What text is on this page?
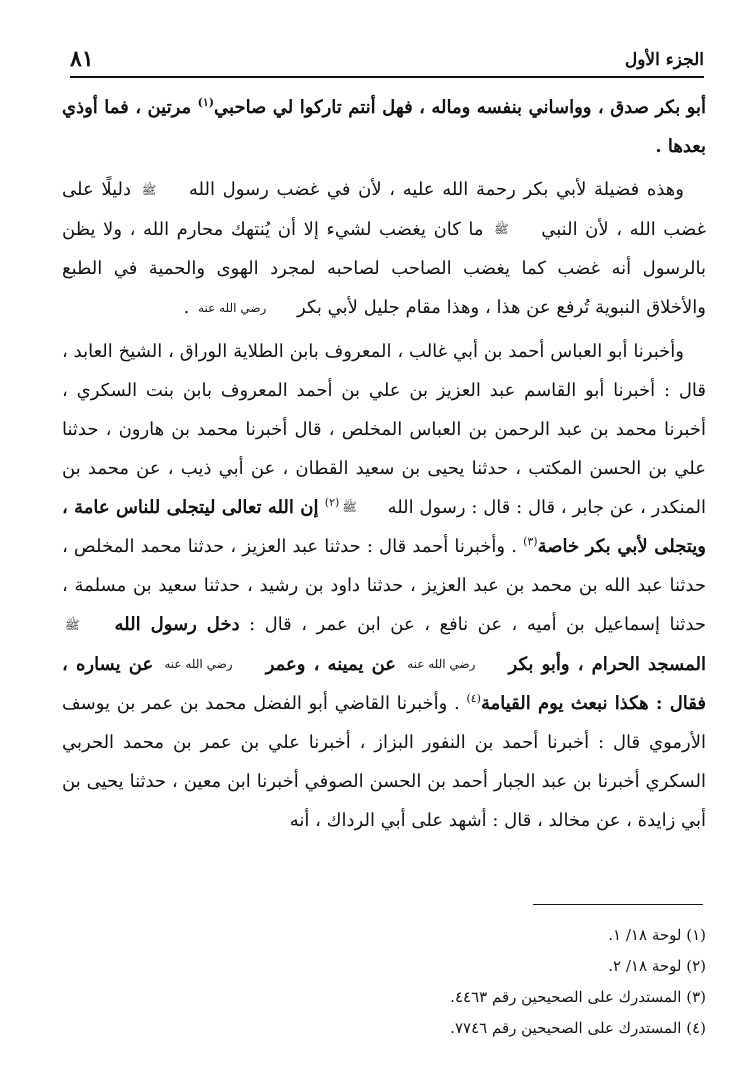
الجزء الأول
٨١

أبو بكر صدق ، وواساني بنفسه وماله ، فهل أنتم تاركوا لي صاحبي$^{(١)}$ مرتين ، فما أوذي بعدها .

وهذه فضيلة لأبي بكر رحمة الله عليه ، لأن في غضب رسول الله ﷺ دليلًا على غضب الله ، لأن النبي ﷺ ما كان يغضب لشيء إلا أن يُنتهك محارم الله ، ولا يظن بالرسول أنه غضب كما يغضب الصاحب لصاحبه لمجرد الهوى والحمية في الطبع والأخلاق النبوية تُرفع عن هذا ، وهذا مقام جليل لأبي بكر رضي الله عنه .

وأخبرنا أبو العباس أحمد بن أبي غالب ، المعروف بابن الطلاية الوراق ، الشيخ العابد ، قال : أخبرنا أبو القاسم عبد العزيز بن علي بن أحمد المعروف بابن بنت السكري ، أخبرنا محمد بن عبد الرحمن بن العباس المخلص ، قال أخبرنا محمد بن هارون ، حدثنا علي بن الحسن المكتب ، حدثنا يحيى بن سعيد القطان ، عن أبي ذيب ، عن محمد بن المنكدر ، عن جابر ، قال : قال : رسول الله ﷺ$^{(٢)}$ إن الله تعالى ليتجلى للناس عامة ، ويتجلى لأبي بكر خاصة$^{(٣)}$ . وأخبرنا أحمد قال : حدثنا عبد العزيز ، حدثنا محمد المخلص ، حدثنا عبد الله بن محمد بن عبد العزيز ، حدثنا داود بن رشيد ، حدثنا سعيد بن مسلمة ، حدثنا إسماعيل بن أميه ، عن نافع ، عن ابن عمر ، قال : دخل رسول الله ﷺ المسجد الحرام ، وأبو بكر رضي الله عنه عن يمينه ، وعمر رضي الله عنه عن يساره ، فقال : هكذا نبعث يوم القيامة$^{(٤)}$ . وأخبرنا القاضي أبو الفضل محمد بن عمر بن يوسف الأرموي قال : أخبرنا أحمد بن النفور البزاز ، أخبرنا علي بن عمر بن محمد الحربي السكري أخبرنا بن عبد الجبار أحمد بن الحسن الصوفي أخبرنا ابن معين ، حدثنا يحيى بن أبي زايدة ، عن مخالد ، قال : أشهد على أبي الرداك ، أنه

(١) لوحة ١٨/ ١.

(٢) لوحة ١٨/ ٢.

(٣) المستدرك على الصحيحين رقم ٤٤٦٣.

(٤) المستدرك على الصحيحين رقم ٧٧٤٦.
